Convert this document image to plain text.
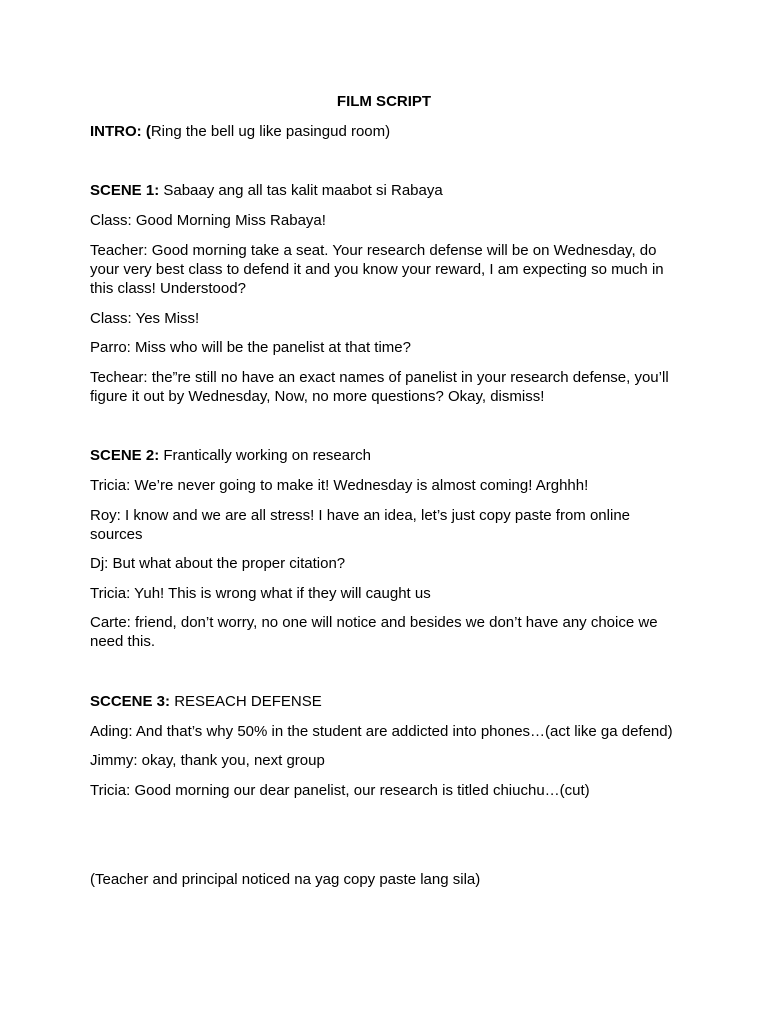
FILM SCRIPT
INTRO: (Ring the bell ug like pasingud room)
SCENE 1: Sabaay ang all tas kalit maabot si Rabaya
Class: Good Morning Miss Rabaya!
Teacher: Good morning take a seat. Your research defense will be on Wednesday, do your very best class to defend it and you know your reward, I am expecting so much in this class! Understood?
Class: Yes Miss!
Parro: Miss who will be the panelist at that time?
Techear: the”re still no have an exact names of panelist in your research defense, you’ll figure it out by Wednesday, Now, no more questions? Okay, dismiss!
SCENE 2: Frantically working on research
Tricia: We’re never going to make it! Wednesday is almost coming! Arghhh!
Roy: I know and we are all stress! I have an idea, let’s just copy paste from online sources
Dj: But what about the proper citation?
Tricia: Yuh! This is wrong what if they will caught us
Carte: friend, don’t worry, no one will notice and besides we don’t have any choice we need this.
SCCENE 3: RESEACH DEFENSE
Ading: And that’s why 50% in the student are addicted into phones…(act like ga defend)
Jimmy: okay, thank you, next group
Tricia: Good morning our dear panelist, our research is titled chiuchu…(cut)
(Teacher and principal noticed na yag copy paste lang sila)
